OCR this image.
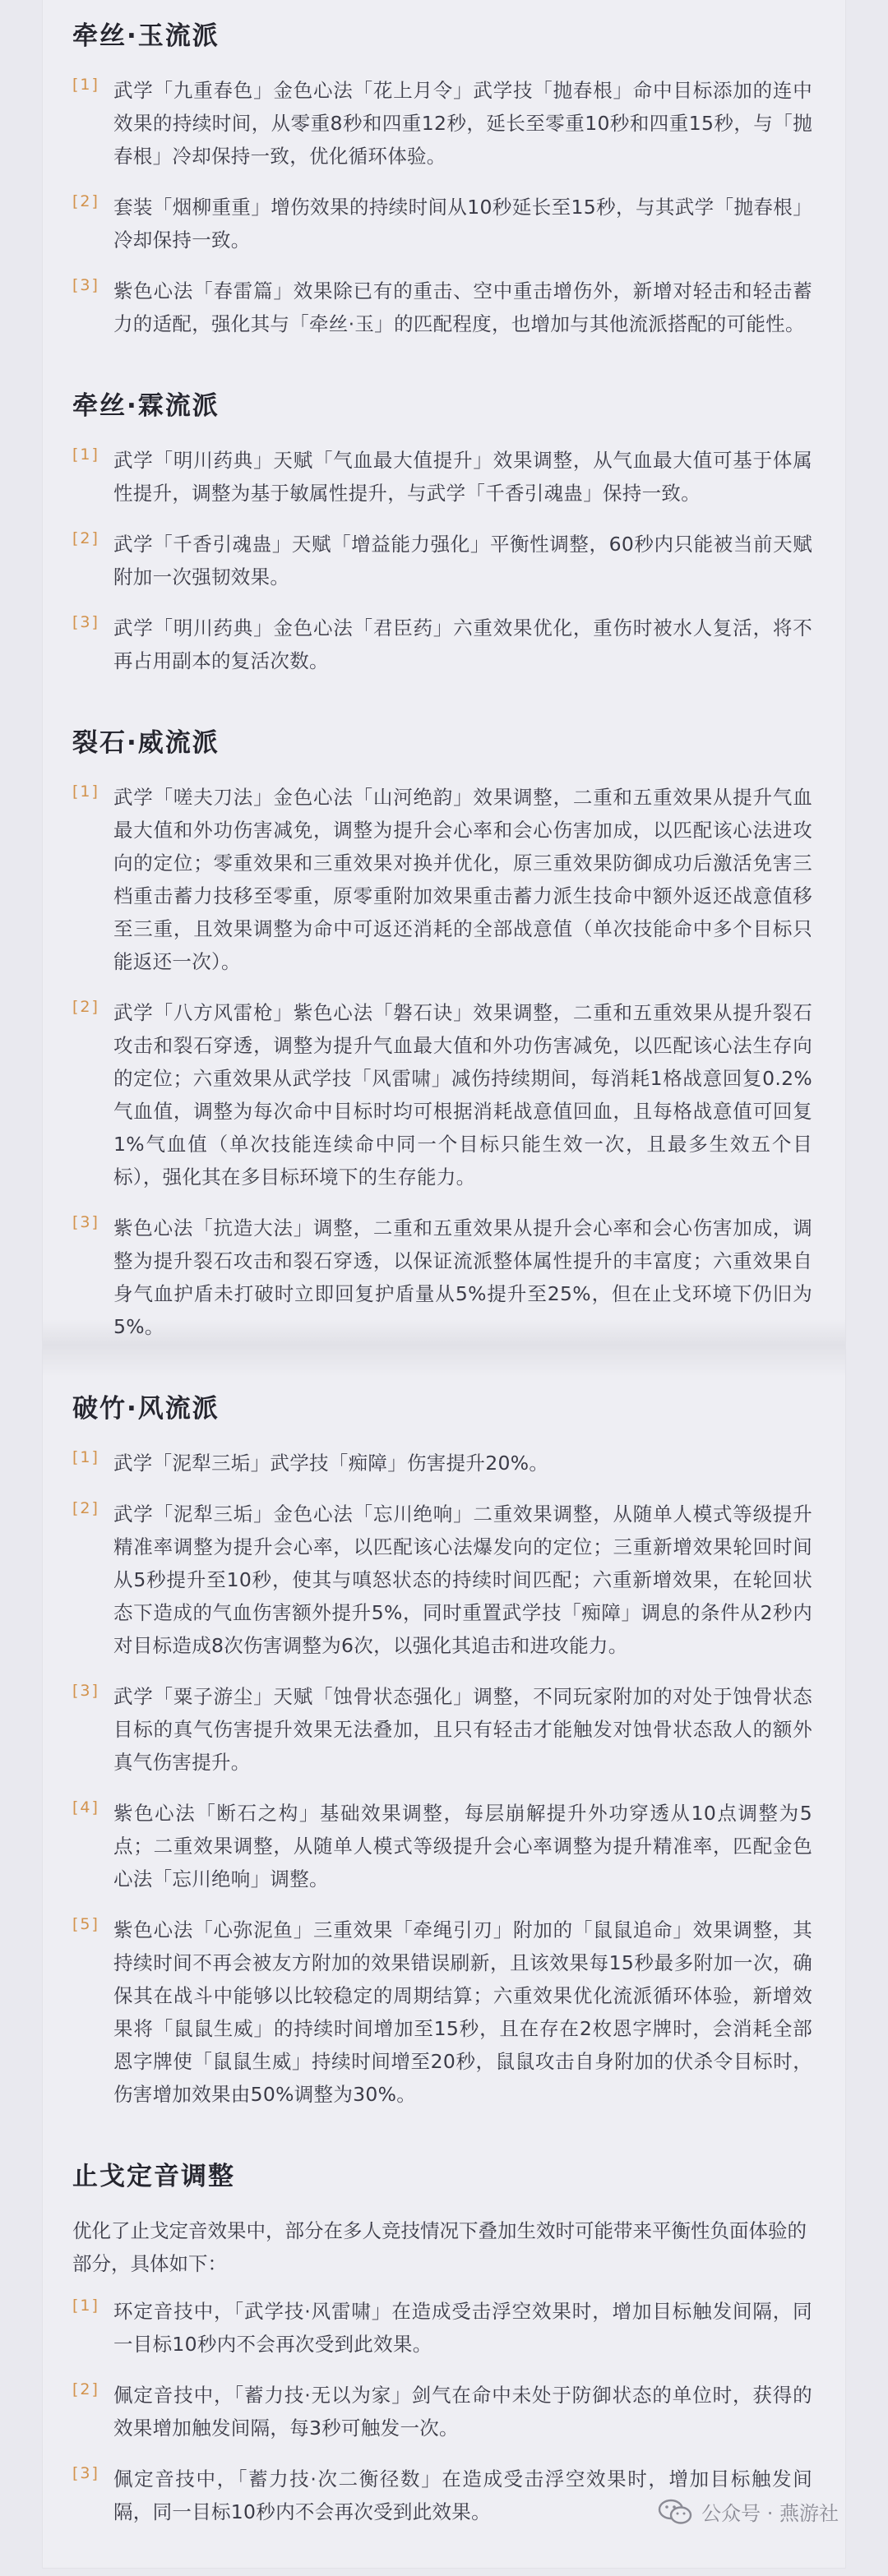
牵丝·玉流派
[1] 武学「九重春色」金色心法「花上月令」武学技「抛春根」命中目标添加的连中效果的持续时间，从零重8秒和四重12秒，延长至零重10秒和四重15秒，与「抛春根」冷却保持一致，优化循环体验。
[2] 套装「烟柳重重」增伤效果的持续时间从10秒延长至15秒，与其武学「抛春根」冷却保持一致。
[3] 紫色心法「春雷篇」效果除已有的重击、空中重击增伤外，新增对轻击和轻击蓄力的适配，强化其与「牵丝·玉」的匹配程度，也增加与其他流派搭配的可能性。
牵丝·霖流派
[1] 武学「明川药典」天赋「气血最大值提升」效果调整，从气血最大值可基于体属性提升，调整为基于敏属性提升，与武学「千香引魂蛊」保持一致。
[2] 武学「千香引魂蛊」天赋「增益能力强化」平衡性调整，60秒内只能被当前天赋附加一次强韧效果。
[3] 武学「明川药典」金色心法「君臣药」六重效果优化，重伤时被水人复活，将不再占用副本的复活次数。
裂石·威流派
[1] 武学「嗟夫刀法」金色心法「山河绝韵」效果调整，二重和五重效果从提升气血最大值和外功伤害减免，调整为提升会心率和会心伤害加成，以匹配该心法进攻向的定位；零重效果和三重效果对换并优化，原三重效果防御成功后激活免害三档重击蓄力技移至零重，原零重附加效果重击蓄力派生技命中额外返还战意值移至三重，且效果调整为命中可返还消耗的全部战意值（单次技能命中多个目标只能返还一次）。
[2] 武学「八方风雷枪」紫色心法「磐石诀」效果调整，二重和五重效果从提升裂石攻击和裂石穿透，调整为提升气血最大值和外功伤害减免，以匹配该心法生存向的定位；六重效果从武学技「风雷啸」减伤持续期间，每消耗1格战意回复0.2%气血值，调整为每次命中目标时均可根据消耗战意值回血，且每格战意值可回复1%气血值（单次技能连续命中同一个目标只能生效一次，且最多生效五个目标），强化其在多目标环境下的生存能力。
[3] 紫色心法「抗造大法」调整，二重和五重效果从提升会心率和会心伤害加成，调整为提升裂石攻击和裂石穿透，以保证流派整体属性提升的丰富度；六重效果自身气血护盾未打破时立即回复护盾量从5%提升至25%，但在止戈环境下仍旧为5%。
破竹·风流派
[1] 武学「泥犁三垢」武学技「痴障」伤害提升20%。
[2] 武学「泥犁三垢」金色心法「忘川绝响」二重效果调整，从随单人模式等级提升精准率调整为提升会心率，以匹配该心法爆发向的定位；三重新增效果轮回时间从5秒提升至10秒，使其与嗔怒状态的持续时间匹配；六重新增效果，在轮回状态下造成的气血伤害额外提升5%，同时重置武学技「痴障」调息的条件从2秒内对目标造成8次伤害调整为6次，以强化其追击和进攻能力。
[3] 武学「粟子游尘」天赋「蚀骨状态强化」调整，不同玩家附加的对处于蚀骨状态目标的真气伤害提升效果无法叠加，且只有轻击才能触发对蚀骨状态敌人的额外真气伤害提升。
[4] 紫色心法「断石之构」基础效果调整，每层崩解提升外功穿透从10点调整为5点；二重效果调整，从随单人模式等级提升会心率调整为提升精准率，匹配金色心法「忘川绝响」调整。
[5] 紫色心法「心弥泥鱼」三重效果「牵绳引刃」附加的「鼠鼠追命」效果调整，其持续时间不再会被友方附加的效果错误刷新，且该效果每15秒最多附加一次，确保其在战斗中能够以比较稳定的周期结算；六重效果优化流派循环体验，新增效果将「鼠鼠生威」的持续时间增加至15秒，且在存在2枚恩字牌时，会消耗全部恩字牌使「鼠鼠生威」持续时间增至20秒，鼠鼠攻击自身附加的伏杀令目标时，伤害增加效果由50%调整为30%。
止戈定音调整
优化了止戈定音效果中，部分在多人竞技情况下叠加生效时可能带来平衡性负面体验的部分，具体如下：
[1] 环定音技中，「武学技·风雷啸」在造成受击浮空效果时，增加目标触发间隔，同一目标10秒内不会再次受到此效果。
[2] 佩定音技中，「蓄力技·无以为家」剑气在命中未处于防御状态的单位时，获得的效果增加触发间隔，每3秒可触发一次。
[3] 佩定音技中，「蓄力技·次二衡径数」在造成受击浮空效果时，增加目标触发间隔，同一目标10秒内不会再次受到此效果。	公众号 · 燕游社
